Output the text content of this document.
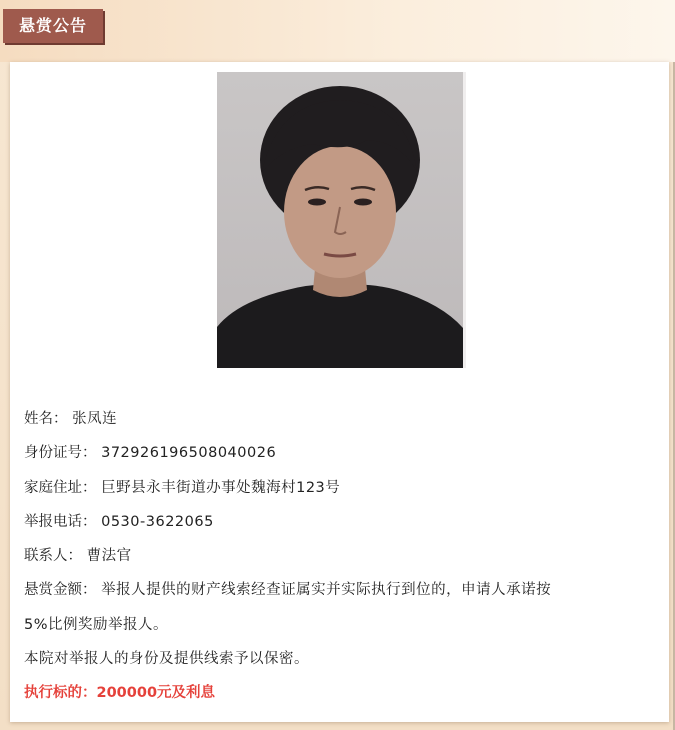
悬赏公告
姓名： 张凤连
身份证号： 372926196508040026
家庭住址： 巨野县永丰街道办事处魏海村123号
举报电话： 0530-3622065
联系人： 曹法官
悬赏金额： 举报人提供的财产线索经查证属实并实际执行到位的，申请人承诺按
5%比例奖励举报人。
本院对举报人的身份及提供线索予以保密。
执行标的：200000元及利息
